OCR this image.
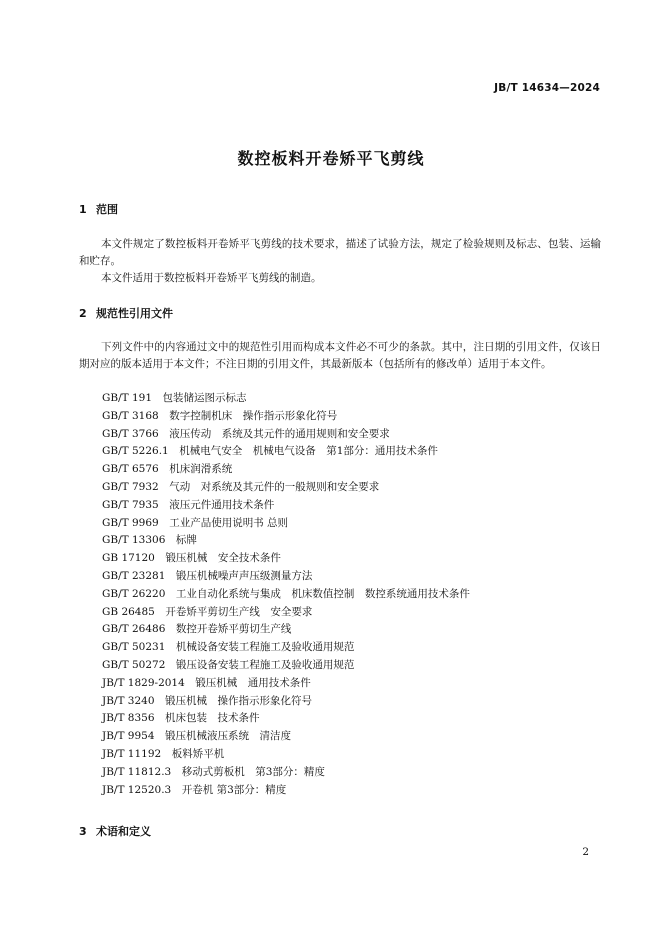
JB/T 14634—2024
数控板料开卷矫平飞剪线
1 范围
本文件规定了数控板料开卷矫平飞剪线的技术要求，描述了试验方法，规定了检验规则及标志、包装、运输和贮存。
本文件适用于数控板料开卷矫平飞剪线的制造。
2 规范性引用文件
下列文件中的内容通过文中的规范性引用而构成本文件必不可少的条款。其中，注日期的引用文件，仅该日期对应的版本适用于本文件；不注日期的引用文件，其最新版本（包括所有的修改单）适用于本文件。
GB/T 191　 包装储运图示标志
GB/T 3168　 数字控制机床　操作指示形象化符号
GB/T 3766　 液压传动　系统及其元件的通用规则和安全要求
GB/T 5226.1　 机械电气安全　机械电气设备　第1部分：通用技术条件
GB/T 6576　 机床润滑系统
GB/T 7932　 气动　对系统及其元件的一般规则和安全要求
GB/T 7935　 液压元件通用技术条件
GB/T 9969　 工业产品使用说明书 总则
GB/T 13306　 标牌
GB 17120　 锻压机械　安全技术条件
GB/T 23281　 锻压机械噪声声压级测量方法
GB/T 26220　 工业自动化系统与集成　机床数值控制　数控系统通用技术条件
GB 26485　 开卷矫平剪切生产线　安全要求
GB/T 26486　 数控开卷矫平剪切生产线
GB/T 50231　 机械设备安装工程施工及验收通用规范
GB/T 50272　 锻压设备安装工程施工及验收通用规范
JB/T 1829-2014　 锻压机械　通用技术条件
JB/T 3240　 锻压机械　操作指示形象化符号
JB/T 8356　 机床包装　技术条件
JB/T 9954　 锻压机械液压系统　清洁度
JB/T 11192　 板料矫平机
JB/T 11812.3　 移动式剪板机　第3部分：精度
JB/T 12520.3　 开卷机 第3部分：精度
3 术语和定义
2
